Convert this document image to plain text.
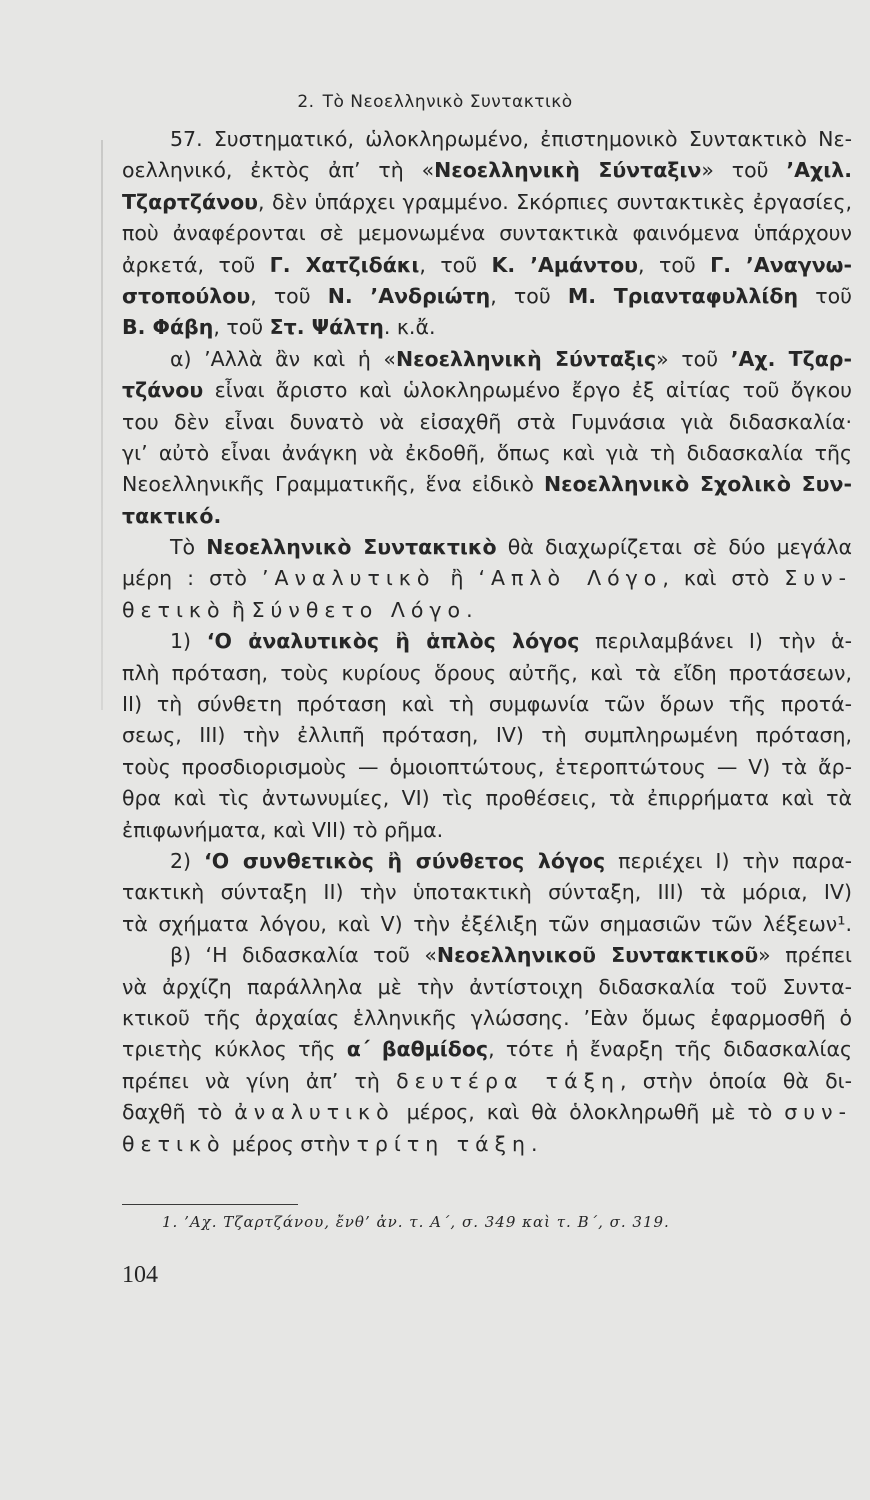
2. Τὸ Νεοελληνικὸ Συντακτικὸ
57. Συστηματικό, ὡλοκληρωμένο, ἐπιστημονικὸ Συντακτικὸ Νε-
οελληνικό, ἐκτὸς ἀπ’ τὴ «Νεοελληνικὴ Σύνταξιν» τοῦ ’Αχιλ.
Τζαρτζάνου, δὲν ὑπάρχει γραμμένο. Σκόρπιες συντακτικὲς ἐργασίες,
ποὺ ἀναφέρονται σὲ μεμονωμένα συντακτικὰ φαινόμενα ὑπάρχουν
ἀρκετά, τοῦ Γ. Χατζιδάκι, τοῦ Κ. ’Αμάντου, τοῦ Γ. ’Αναγνω-
στοπούλου, τοῦ Ν. ’Ανδριώτη, τοῦ Μ. Τριανταφυλλίδη τοῦ
Β. Φάβη, τοῦ Στ. Ψάλτη. κ.ἄ.
α) ’Αλλὰ ἂν καὶ ἡ «Νεοελληνικὴ Σύνταξις» τοῦ ’Αχ. Τζαρ-
τζάνου εἶναι ἄριστο καὶ ὡλοκληρωμένο ἔργο ἐξ αἰτίας τοῦ ὄγκου
του δὲν εἶναι δυνατὸ νὰ εἰσαχθῆ στὰ Γυμνάσια γιὰ διδασκαλία·
γι’ αὐτὸ εἶναι ἀνάγκη νὰ ἐκδοθῆ, ὅπως καὶ γιὰ τὴ διδασκαλία τῆς
Νεοελληνικῆς Γραμματικῆς, ἕνα εἰδικὸ Νεοελληνικὸ Σχολικὸ Συν-
τακτικό.
Τὸ Νεοελληνικὸ Συντακτικὸ θὰ διαχωρίζεται σὲ δύο μεγάλα
μέρη : στὸ ’Αναλυτικὸ ἢ ‘Απλὸ Λόγο, καὶ στὸ Συν-
θετικὸ ἢ Σύνθετο Λόγο.
1) ‘Ο ἀναλυτικὸς ἢ ἁπλὸς λόγος περιλαμβάνει I) τὴν ἁ-
πλὴ πρόταση, τοὺς κυρίους ὅρους αὐτῆς, καὶ τὰ εἴδη προτάσεων,
II) τὴ σύνθετη πρόταση καὶ τὴ συμφωνία τῶν ὅρων τῆς προτά-
σεως, III) τὴν ἐλλιπῆ πρόταση, IV) τὴ συμπληρωμένη πρόταση,
τοὺς προσδιορισμοὺς — ὁμοιοπτώτους, ἑτεροπτώτους — V) τὰ ἄρ-
θρα καὶ τὶς ἀντωνυμίες, VI) τὶς προθέσεις, τὰ ἐπιρρήματα καὶ τὰ
ἐπιφωνήματα, καὶ VII) τὸ ρῆμα.
2) ‘Ο συνθετικὸς ἢ σύνθετος λόγος περιέχει I) τὴν παρα-
τακτικὴ σύνταξη II) τὴν ὑποτακτικὴ σύνταξη, III) τὰ μόρια, IV)
τὰ σχήματα λόγου, καὶ V) τὴν ἐξέλιξη τῶν σημασιῶν τῶν λέξεων¹.
β) ‘Η διδασκαλία τοῦ «Νεοελληνικοῦ Συντακτικοῦ» πρέπει
νὰ ἀρχίζη παράλληλα μὲ τὴν ἀντίστοιχη διδασκαλία τοῦ Συντα-
κτικοῦ τῆς ἀρχαίας ἑλληνικῆς γλώσσης. ’Εὰν ὅμως ἐφαρμοσθῆ ὁ
τριετὴς κύκλος τῆς α΄ βαθμίδος, τότε ἡ ἔναρξη τῆς διδασκαλίας
πρέπει νὰ γίνη ἀπ’ τὴ δευτέρα τάξη, στὴν ὁποία θὰ δι-
δαχθῆ τὸ ἀναλυτικὸ μέρος, καὶ θὰ ὁλοκληρωθῆ μὲ τὸ συν-
θετικὸ μέρος στὴν τρίτη τάξη.
1. ’Αχ. Τζαρτζάνου, ἔνθ’ ἀν. τ. Α΄, σ. 349 καὶ τ. Β΄, σ. 319.
104
